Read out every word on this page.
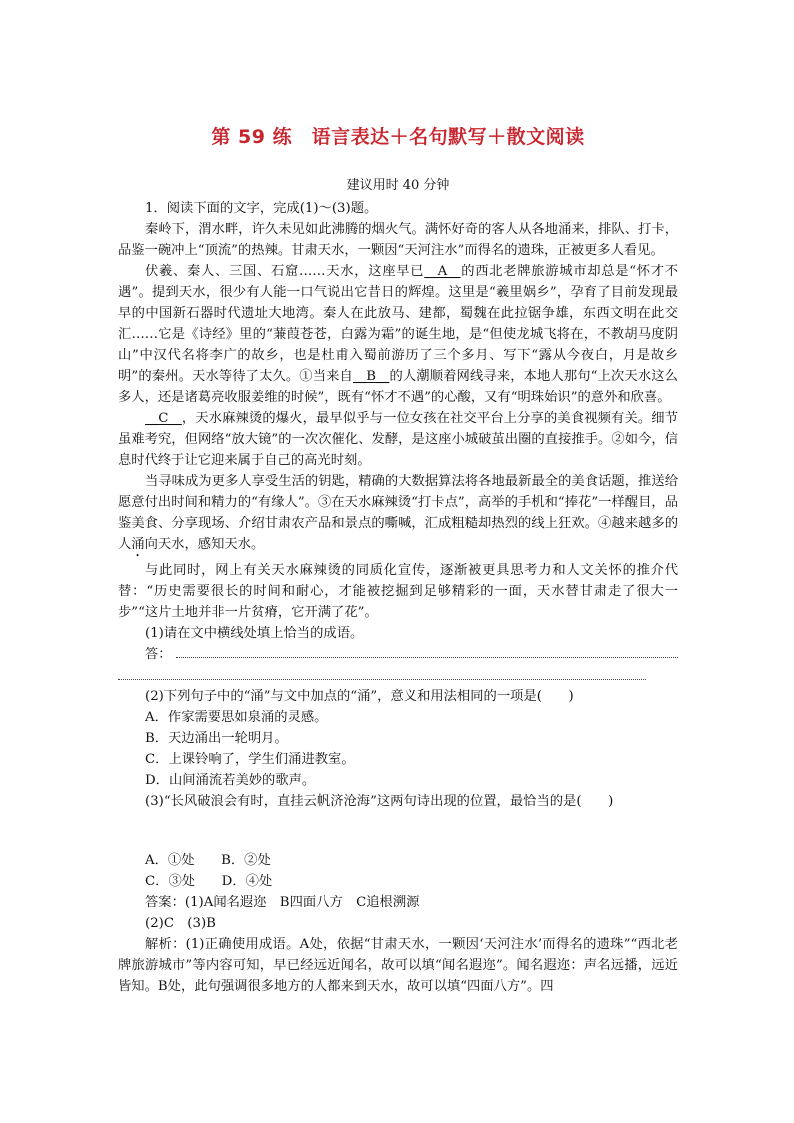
第 59 练　语言表达＋名句默写＋散文阅读
建议用时 40 分钟

1．阅读下面的文字，完成(1)～(3)题。

秦岭下，渭水畔，许久未见如此沸腾的烟火气。满怀好奇的客人从各地涌来，排队、打卡，品鉴一碗冲上“顶流”的热辣。甘肃天水，一颗因“天河注水”而得名的遗珠，正被更多人看见。

伏羲、秦人、三国、石窟……天水，这座早已__A__的西北老牌旅游城市却总是“怀才不遇”。提到天水，很少有人能一口气说出它昔日的辉煌。这里是“羲里娲乡”，孕育了目前发现最早的中国新石器时代遗址大地湾。秦人在此放马、建都，蜀魏在此拉锯争雄，东西文明在此交汇……它是《诗经》里的“蒹葭苍苍，白露为霜”的诞生地，是“但使龙城飞将在，不教胡马度阴山”中汉代名将李广的故乡，也是杜甫入蜀前游历了三个多月、写下“露从今夜白，月是故乡明”的秦州。天水等待了太久。①当来自__B__的人潮顺着网线寻来，本地人那句“上次天水这么多人，还是诸葛亮收服姜维的时候”，既有“怀才不遇”的心酸，又有“明珠始识”的意外和欣喜。

__C__，天水麻辣烫的爆火，最早似乎与一位女孩在社交平台上分享的美食视频有关。细节虽难考究，但网络“放大镜”的一次次催化、发酵，是这座小城破茧出圈的直接推手。②如今，信息时代终于让它迎来属于自己的高光时刻。

当寻味成为更多人享受生活的钥匙，精确的大数据算法将各地最新最全的美食话题，推送给愿意付出时间和精力的“有缘人”。③在天水麻辣烫“打卡点”，高举的手机和“捧花”一样醒目，品鉴美食、分享现场、介绍甘肃农产品和景点的嘶喊，汇成粗糙却热烈的线上狂欢。④越来越多的人涌向天水，感知天水。

与此同时，网上有关天水麻辣烫的同质化宣传，逐渐被更具思考力和人文关怀的推介代替：“历史需要很长的时间和耐心，才能被挖掘到足够精彩的一面，天水替甘肃走了很大一步”“这片土地并非一片贫瘠，它开满了花”。

(1)请在文中横线处填上恰当的成语。

答：

(2)下列句子中的“涌”与文中加点的“涌”，意义和用法相同的一项是(　　)

A．作家需要思如泉涌的灵感。

B．天边涌出一轮明月。

C．上课铃响了，学生们涌进教室。

D．山间涌流若美妙的歌声。

(3)“长风破浪会有时，直挂云帆济沧海”这两句诗出现的位置，最恰当的是(　　)

A．①处　　B．②处

C．③处　　D．④处

答案：(1)A闻名遐迩　B四面八方　C追根溯源

(2)C　(3)B

解析：(1)正确使用成语。A处，依据“甘肃天水，一颗因‘天河注水’而得名的遗珠”“西北老牌旅游城市”等内容可知，早已经远近闻名，故可以填“闻名遐迩”。闻名遐迩：声名远播，远近皆知。B处，此句强调很多地方的人都来到天水，故可以填“四面八方”。四
